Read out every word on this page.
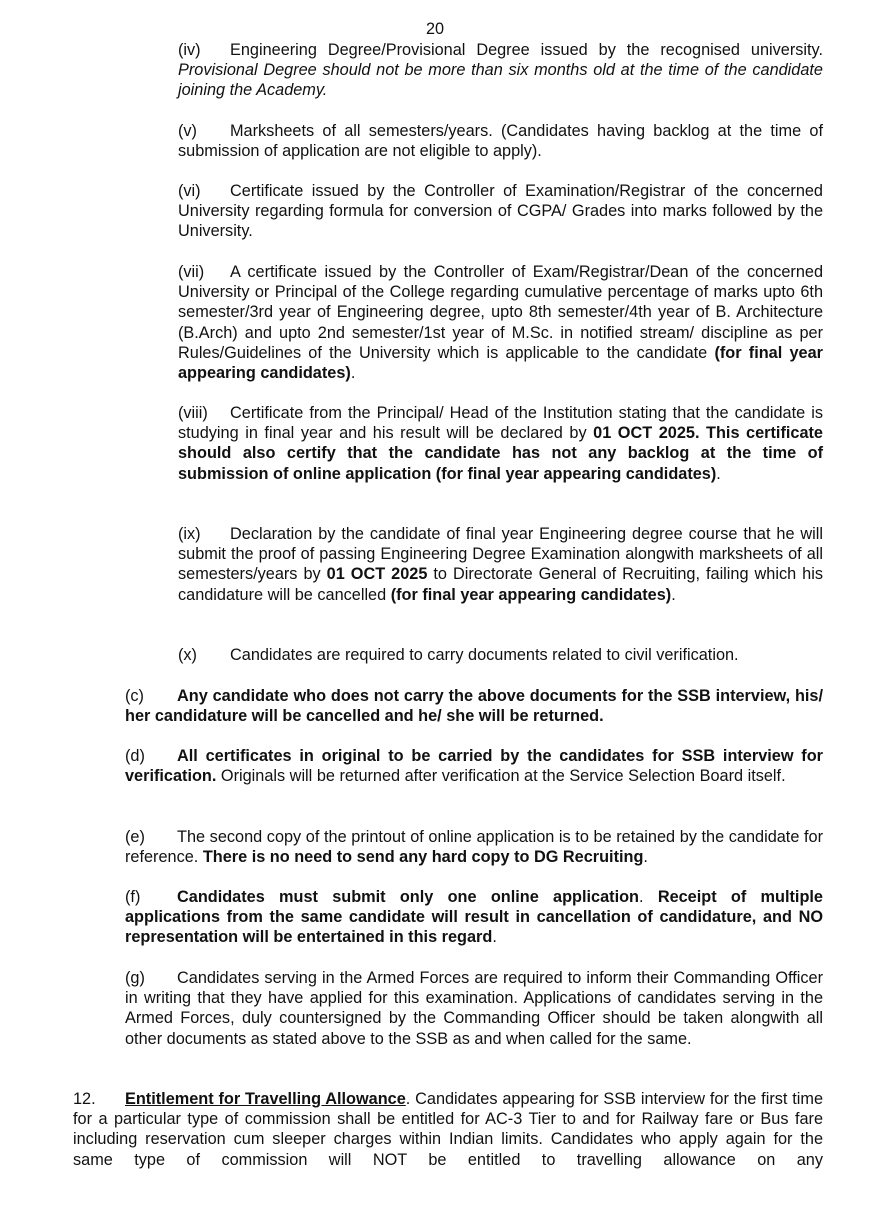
20
(iv) Engineering Degree/Provisional Degree issued by the recognised university. Provisional Degree should not be more than six months old at the time of the candidate joining the Academy.
(v) Marksheets of all semesters/years. (Candidates having backlog at the time of submission of application are not eligible to apply).
(vi) Certificate issued by the Controller of Examination/Registrar of the concerned University regarding formula for conversion of CGPA/ Grades into marks followed by the University.
(vii) A certificate issued by the Controller of Exam/Registrar/Dean of the concerned University or Principal of the College regarding cumulative percentage of marks upto 6th semester/3rd year of Engineering degree, upto 8th semester/4th year of B. Architecture (B.Arch) and upto 2nd semester/1st year of M.Sc. in notified stream/ discipline as per Rules/Guidelines of the University which is applicable to the candidate (for final year appearing candidates).
(viii) Certificate from the Principal/ Head of the Institution stating that the candidate is studying in final year and his result will be declared by 01 OCT 2025. This certificate should also certify that the candidate has not any backlog at the time of submission of online application (for final year appearing candidates).
(ix) Declaration by the candidate of final year Engineering degree course that he will submit the proof of passing Engineering Degree Examination alongwith marksheets of all semesters/years by 01 OCT 2025 to Directorate General of Recruiting, failing which his candidature will be cancelled (for final year appearing candidates).
(x) Candidates are required to carry documents related to civil verification.
(c) Any candidate who does not carry the above documents for the SSB interview, his/ her candidature will be cancelled and he/ she will be returned.
(d) All certificates in original to be carried by the candidates for SSB interview for verification. Originals will be returned after verification at the Service Selection Board itself.
(e) The second copy of the printout of online application is to be retained by the candidate for reference. There is no need to send any hard copy to DG Recruiting.
(f) Candidates must submit only one online application. Receipt of multiple applications from the same candidate will result in cancellation of candidature, and NO representation will be entertained in this regard.
(g) Candidates serving in the Armed Forces are required to inform their Commanding Officer in writing that they have applied for this examination. Applications of candidates serving in the Armed Forces, duly countersigned by the Commanding Officer should be taken alongwith all other documents as stated above to the SSB as and when called for the same.
12. Entitlement for Travelling Allowance. Candidates appearing for SSB interview for the first time for a particular type of commission shall be entitled for AC-3 Tier to and for Railway fare or Bus fare including reservation cum sleeper charges within Indian limits. Candidates who apply again for the same type of commission will NOT be entitled to travelling allowance on any
